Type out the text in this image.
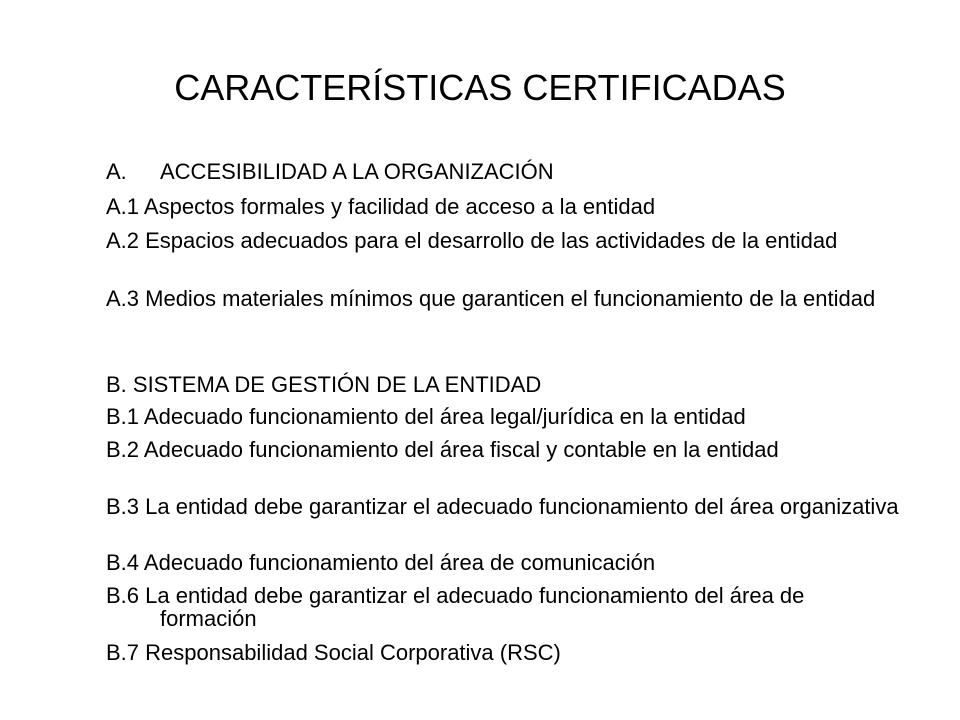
CARACTERÍSTICAS CERTIFICADAS
A. ACCESIBILIDAD A LA ORGANIZACIÓN
A.1 Aspectos formales y facilidad de acceso a la entidad
A.2 Espacios adecuados para el desarrollo de las actividades de la entidad
A.3 Medios materiales mínimos que garanticen el funcionamiento de la entidad
B. SISTEMA DE GESTIÓN DE LA ENTIDAD
B.1 Adecuado funcionamiento del área legal/jurídica en la entidad
B.2 Adecuado funcionamiento del área fiscal y contable en la entidad
B.3 La entidad debe garantizar el adecuado funcionamiento del área organizativa
B.4 Adecuado funcionamiento del área de comunicación
B.6 La entidad debe garantizar el adecuado funcionamiento del área de formación
B.7 Responsabilidad Social Corporativa (RSC)
